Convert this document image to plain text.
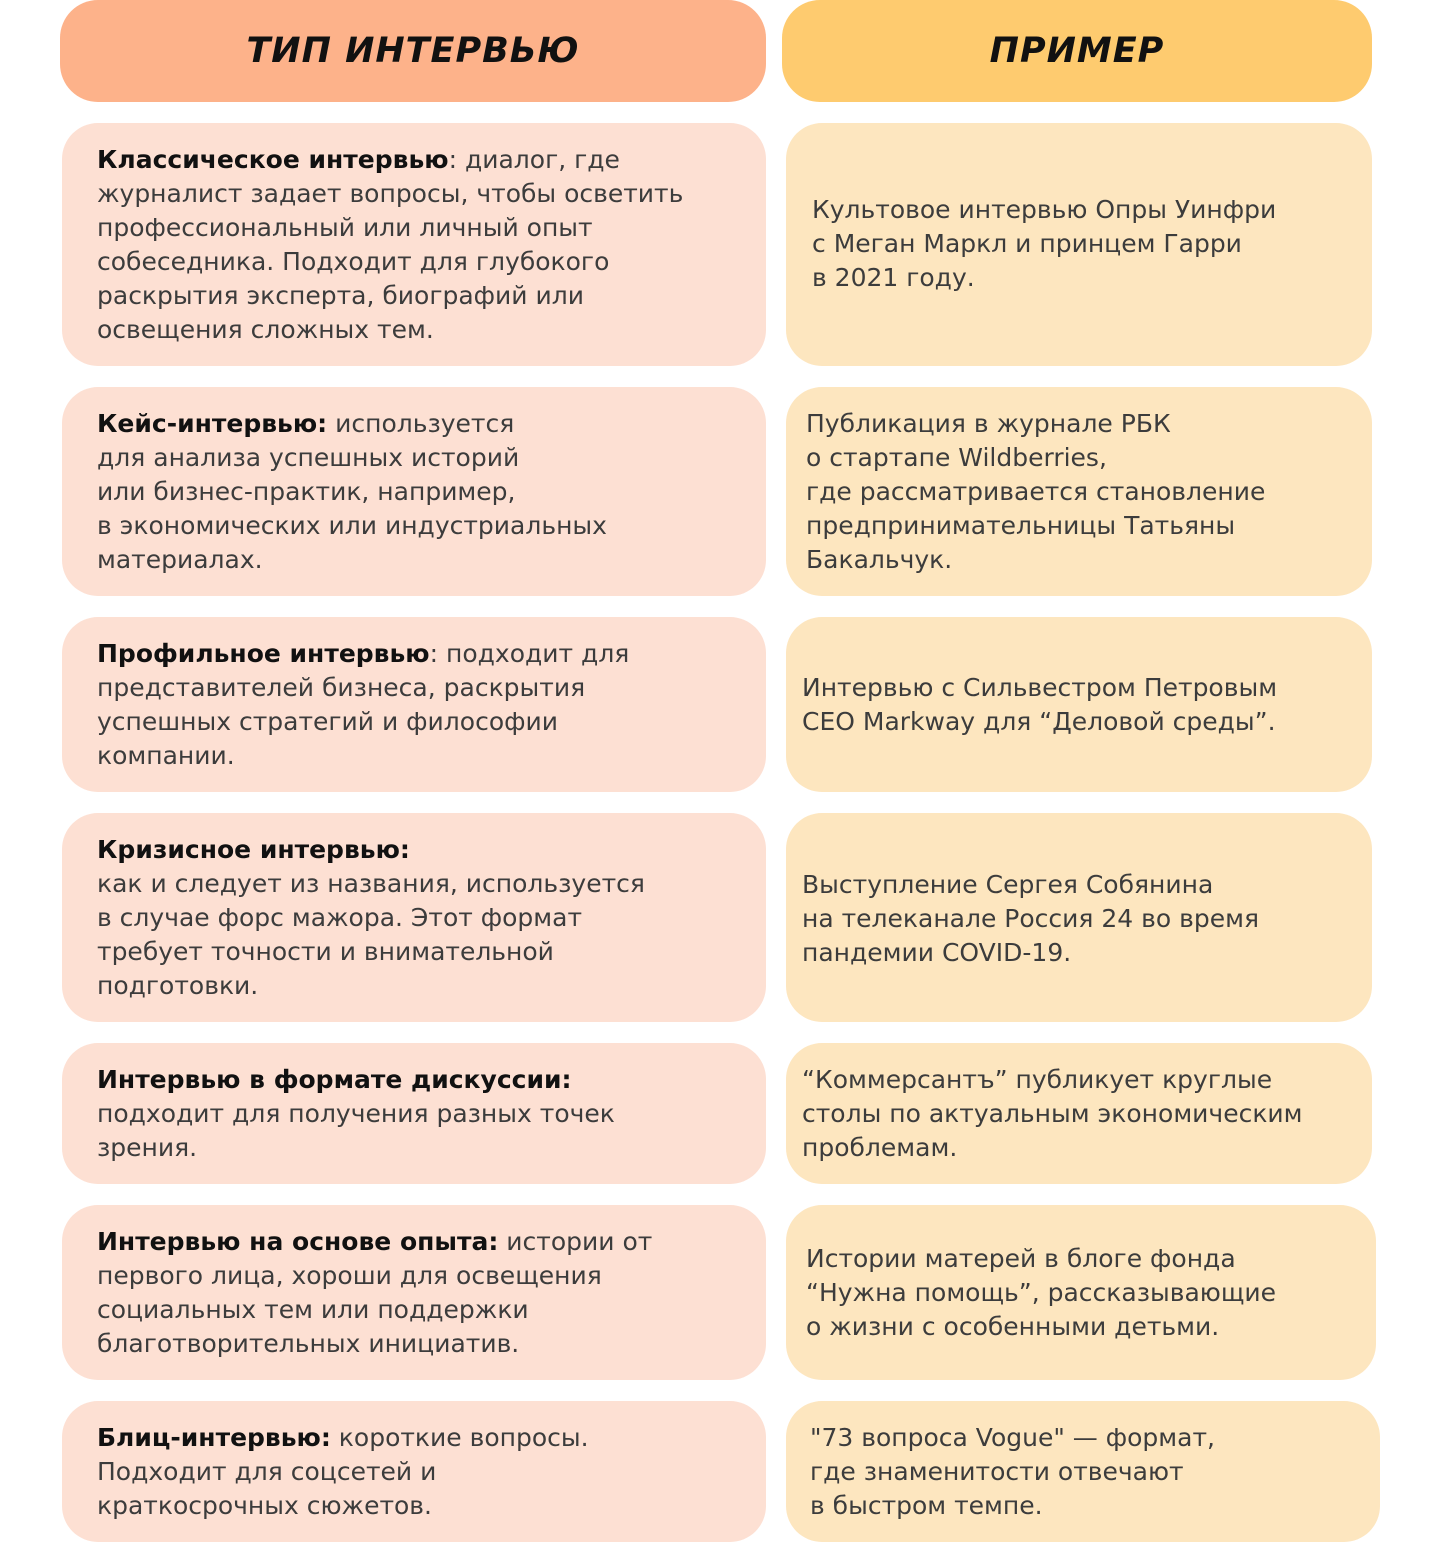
ТИП ИНТЕРВЬЮ	ПРИМЕР

Классическое интервью: диалог, где
журналист задает вопросы, чтобы осветить
профессиональный или личный опыт
собеседника. Подходит для глубокого
раскрытия эксперта, биографий или
освещения сложных тем.

Культовое интервью Опры Уинфри
с Меган Маркл и принцем Гарри
в 2021 году.

Кейс-интервью: используется
для анализа успешных историй
или бизнес-практик, например,
в экономических или индустриальных
материалах.

Публикация в журнале РБК
о стартапе Wildberries,
где рассматривается становление
предпринимательницы Татьяны
Бакальчук.

Профильное интервью: подходит для
представителей бизнеса, раскрытия
успешных стратегий и философии
компании.

Интервью с Сильвестром Петровым
CEO Markway для “Деловой среды”.

Кризисное интервью:
как и следует из названия, используется
в случае форс мажора. Этот формат
требует точности и внимательной
подготовки.

Выступление Сергея Собянина
на телеканале Россия 24 во время
пандемии COVID-19.

Интервью в формате дискуссии:
подходит для получения разных точек
зрения.

“Коммерсантъ” публикует круглые
столы по актуальным экономическим
проблемам.

Интервью на основе опыта: истории от
первого лица, хороши для освещения
социальных тем или поддержки
благотворительных инициатив.

Истории матерей в блоге фонда
“Нужна помощь”, рассказывающие
о жизни с особенными детьми.

Блиц-интервью: короткие вопросы.
Подходит для соцсетей и
краткосрочных сюжетов.

"73 вопроса Vogue" — формат,
где знаменитости отвечают
в быстром темпе.
